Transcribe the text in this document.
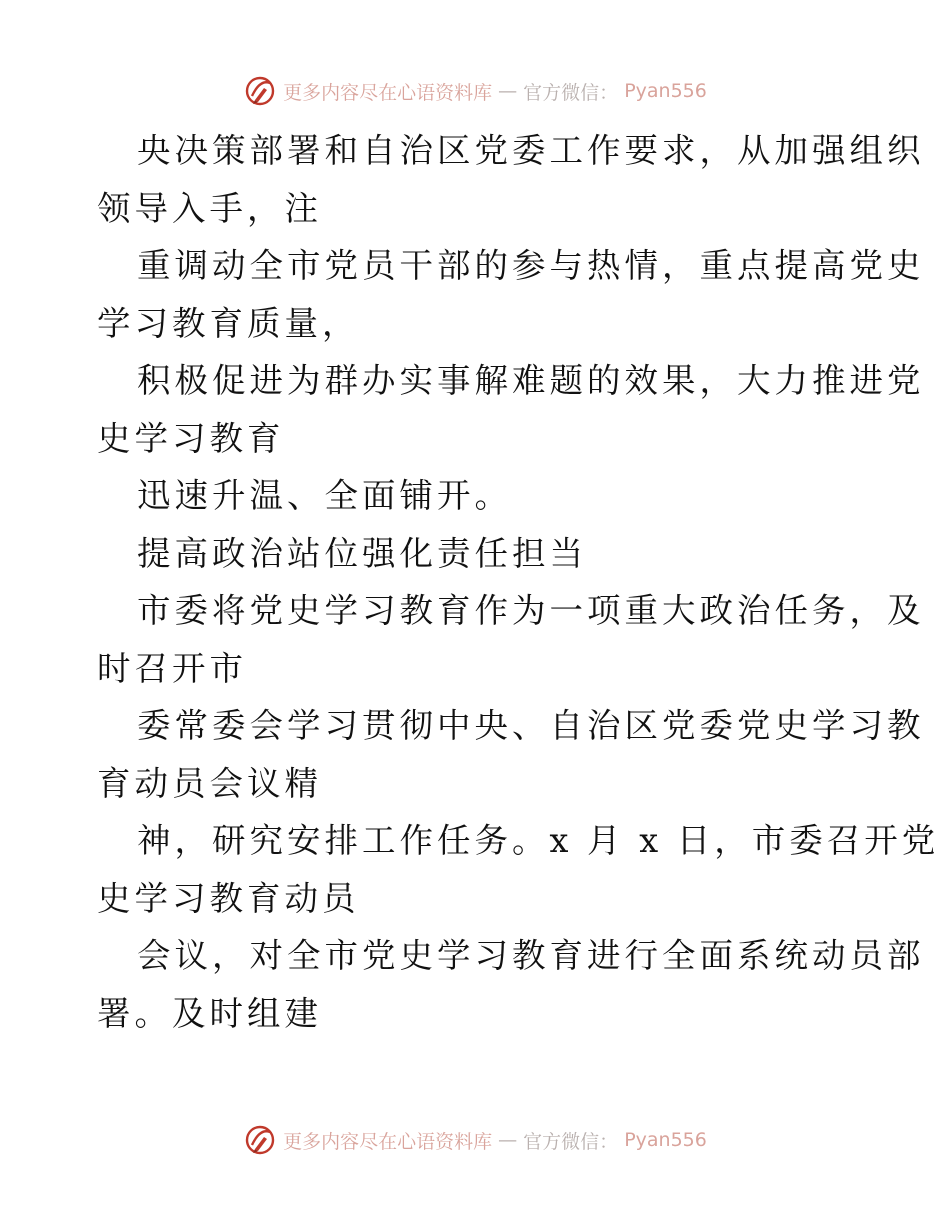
更多内容尽在心语资料库 — 官方微信： Pyan556
央决策部署和自治区党委工作要求，从加强组织
领导入手，注
重调动全市党员干部的参与热情，重点提高党史
学习教育质量，
积极促进为群办实事解难题的效果，大力推进党
史学习教育
迅速升温、全面铺开。
提高政治站位强化责任担当
市委将党史学习教育作为一项重大政治任务，及
时召开市
委常委会学习贯彻中央、自治区党委党史学习教
育动员会议精
神，研究安排工作任务。x 月 x 日，市委召开党
史学习教育动员
会议，对全市党史学习教育进行全面系统动员部
署。及时组建
更多内容尽在心语资料库 — 官方微信： Pyan556
